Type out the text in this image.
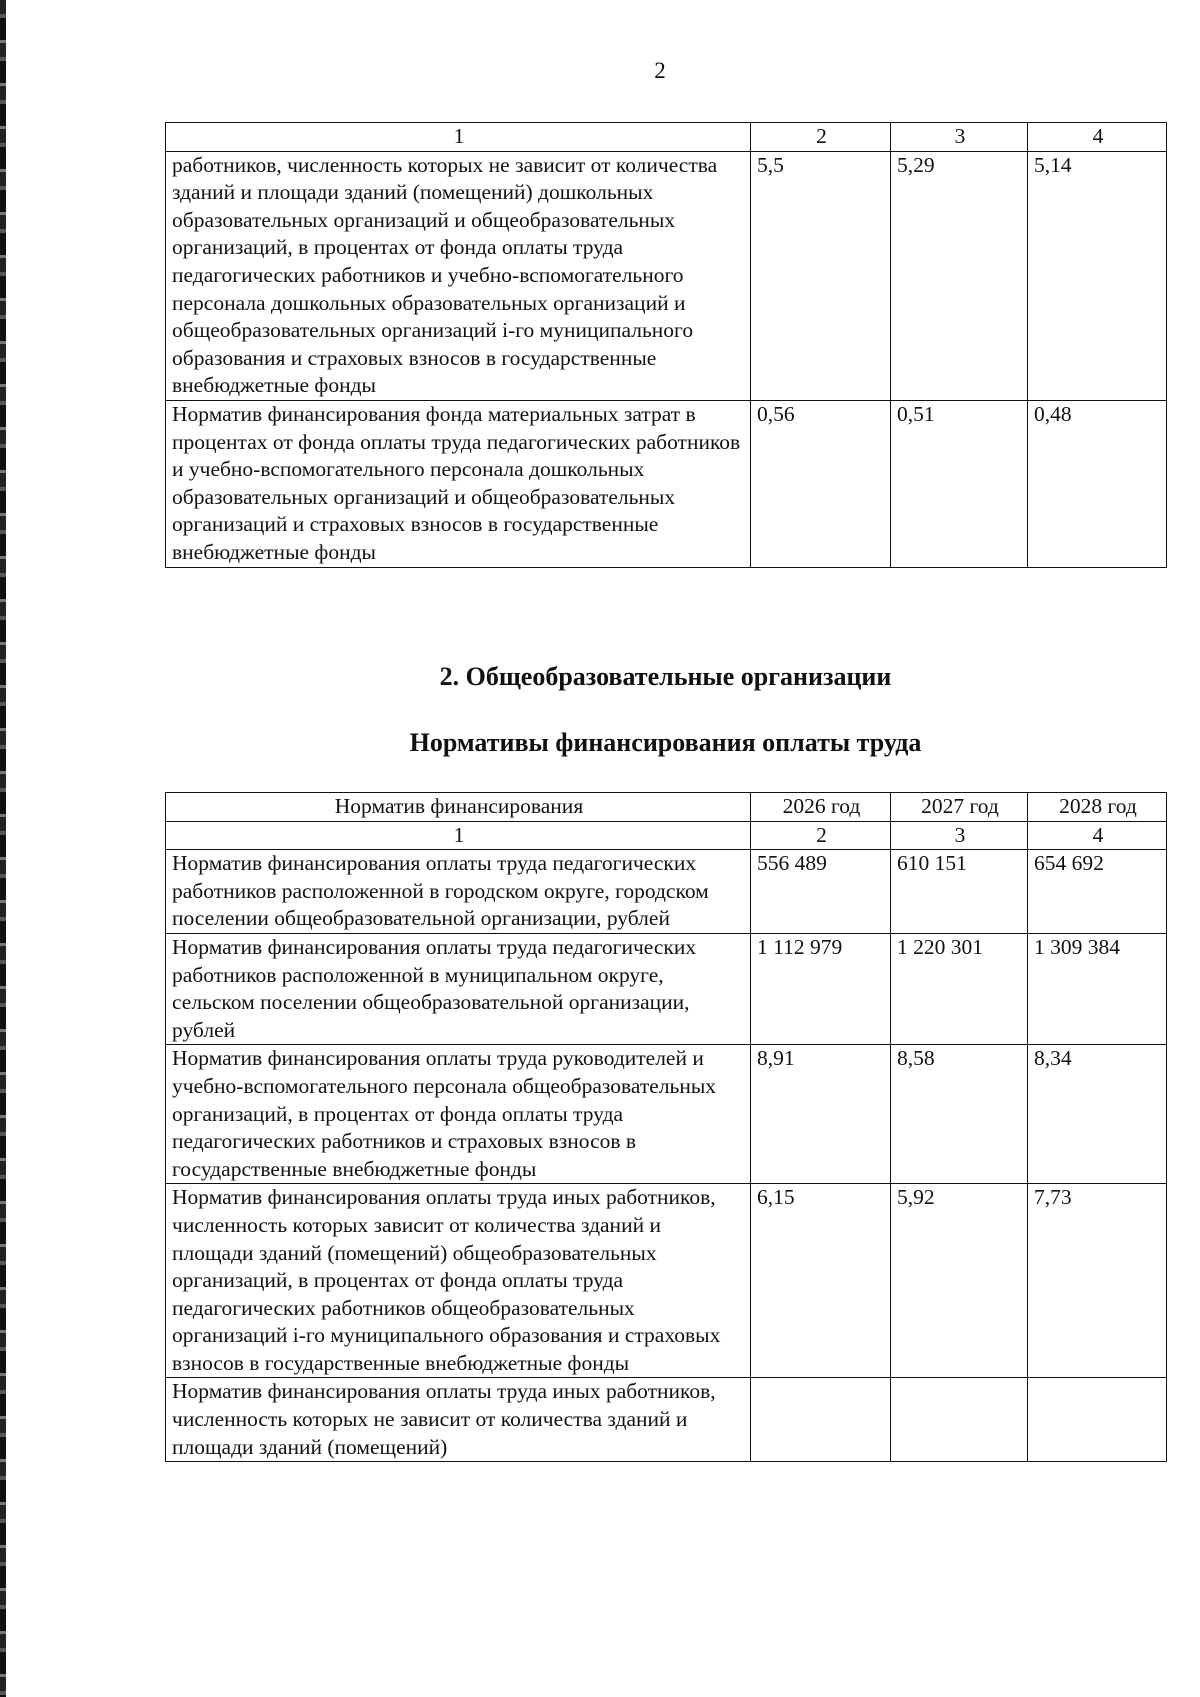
2
1	2	3	4
работников, численность которых не зависит от количества зданий и площади зданий (помещений) дошкольных образовательных организаций и общеобразовательных организаций, в процентах от фонда оплаты труда педагогических работников и учебно-вспомогательного персонала дошкольных образовательных организаций и общеобразовательных организаций i-го муниципального образования и страховых взносов в государственные внебюджетные фонды	5,5	5,29	5,14
Норматив финансирования фонда материальных затрат в процентах от фонда оплаты труда педагогических работников и учебно-вспомогательного персонала дошкольных образовательных организаций и общеобразовательных организаций и страховых взносов в государственные внебюджетные фонды	0,56	0,51	0,48
2. Общеобразовательные организации
Нормативы финансирования оплаты труда
Норматив финансирования	2026 год	2027 год	2028 год
1	2	3	4
Норматив финансирования оплаты труда педагогических работников расположенной в городском округе, городском поселении общеобразовательной организации, рублей	556 489	610 151	654 692
Норматив финансирования оплаты труда педагогических работников расположенной в муниципальном округе, сельском поселении общеобразовательной организации, рублей	1 112 979	1 220 301	1 309 384
Норматив финансирования оплаты труда руководителей и учебно-вспомогательного персонала общеобразовательных организаций, в процентах от фонда оплаты труда педагогических работников и страховых взносов в государственные внебюджетные фонды	8,91	8,58	8,34
Норматив финансирования оплаты труда иных работников, численность которых зависит от количества зданий и площади зданий (помещений) общеобразовательных организаций, в процентах от фонда оплаты труда педагогических работников общеобразовательных организаций i-го муниципального образования и страховых взносов в государственные внебюджетные фонды	6,15	5,92	7,73
Норматив финансирования оплаты труда иных работников, численность которых не зависит от количества зданий и площади зданий (помещений)			
